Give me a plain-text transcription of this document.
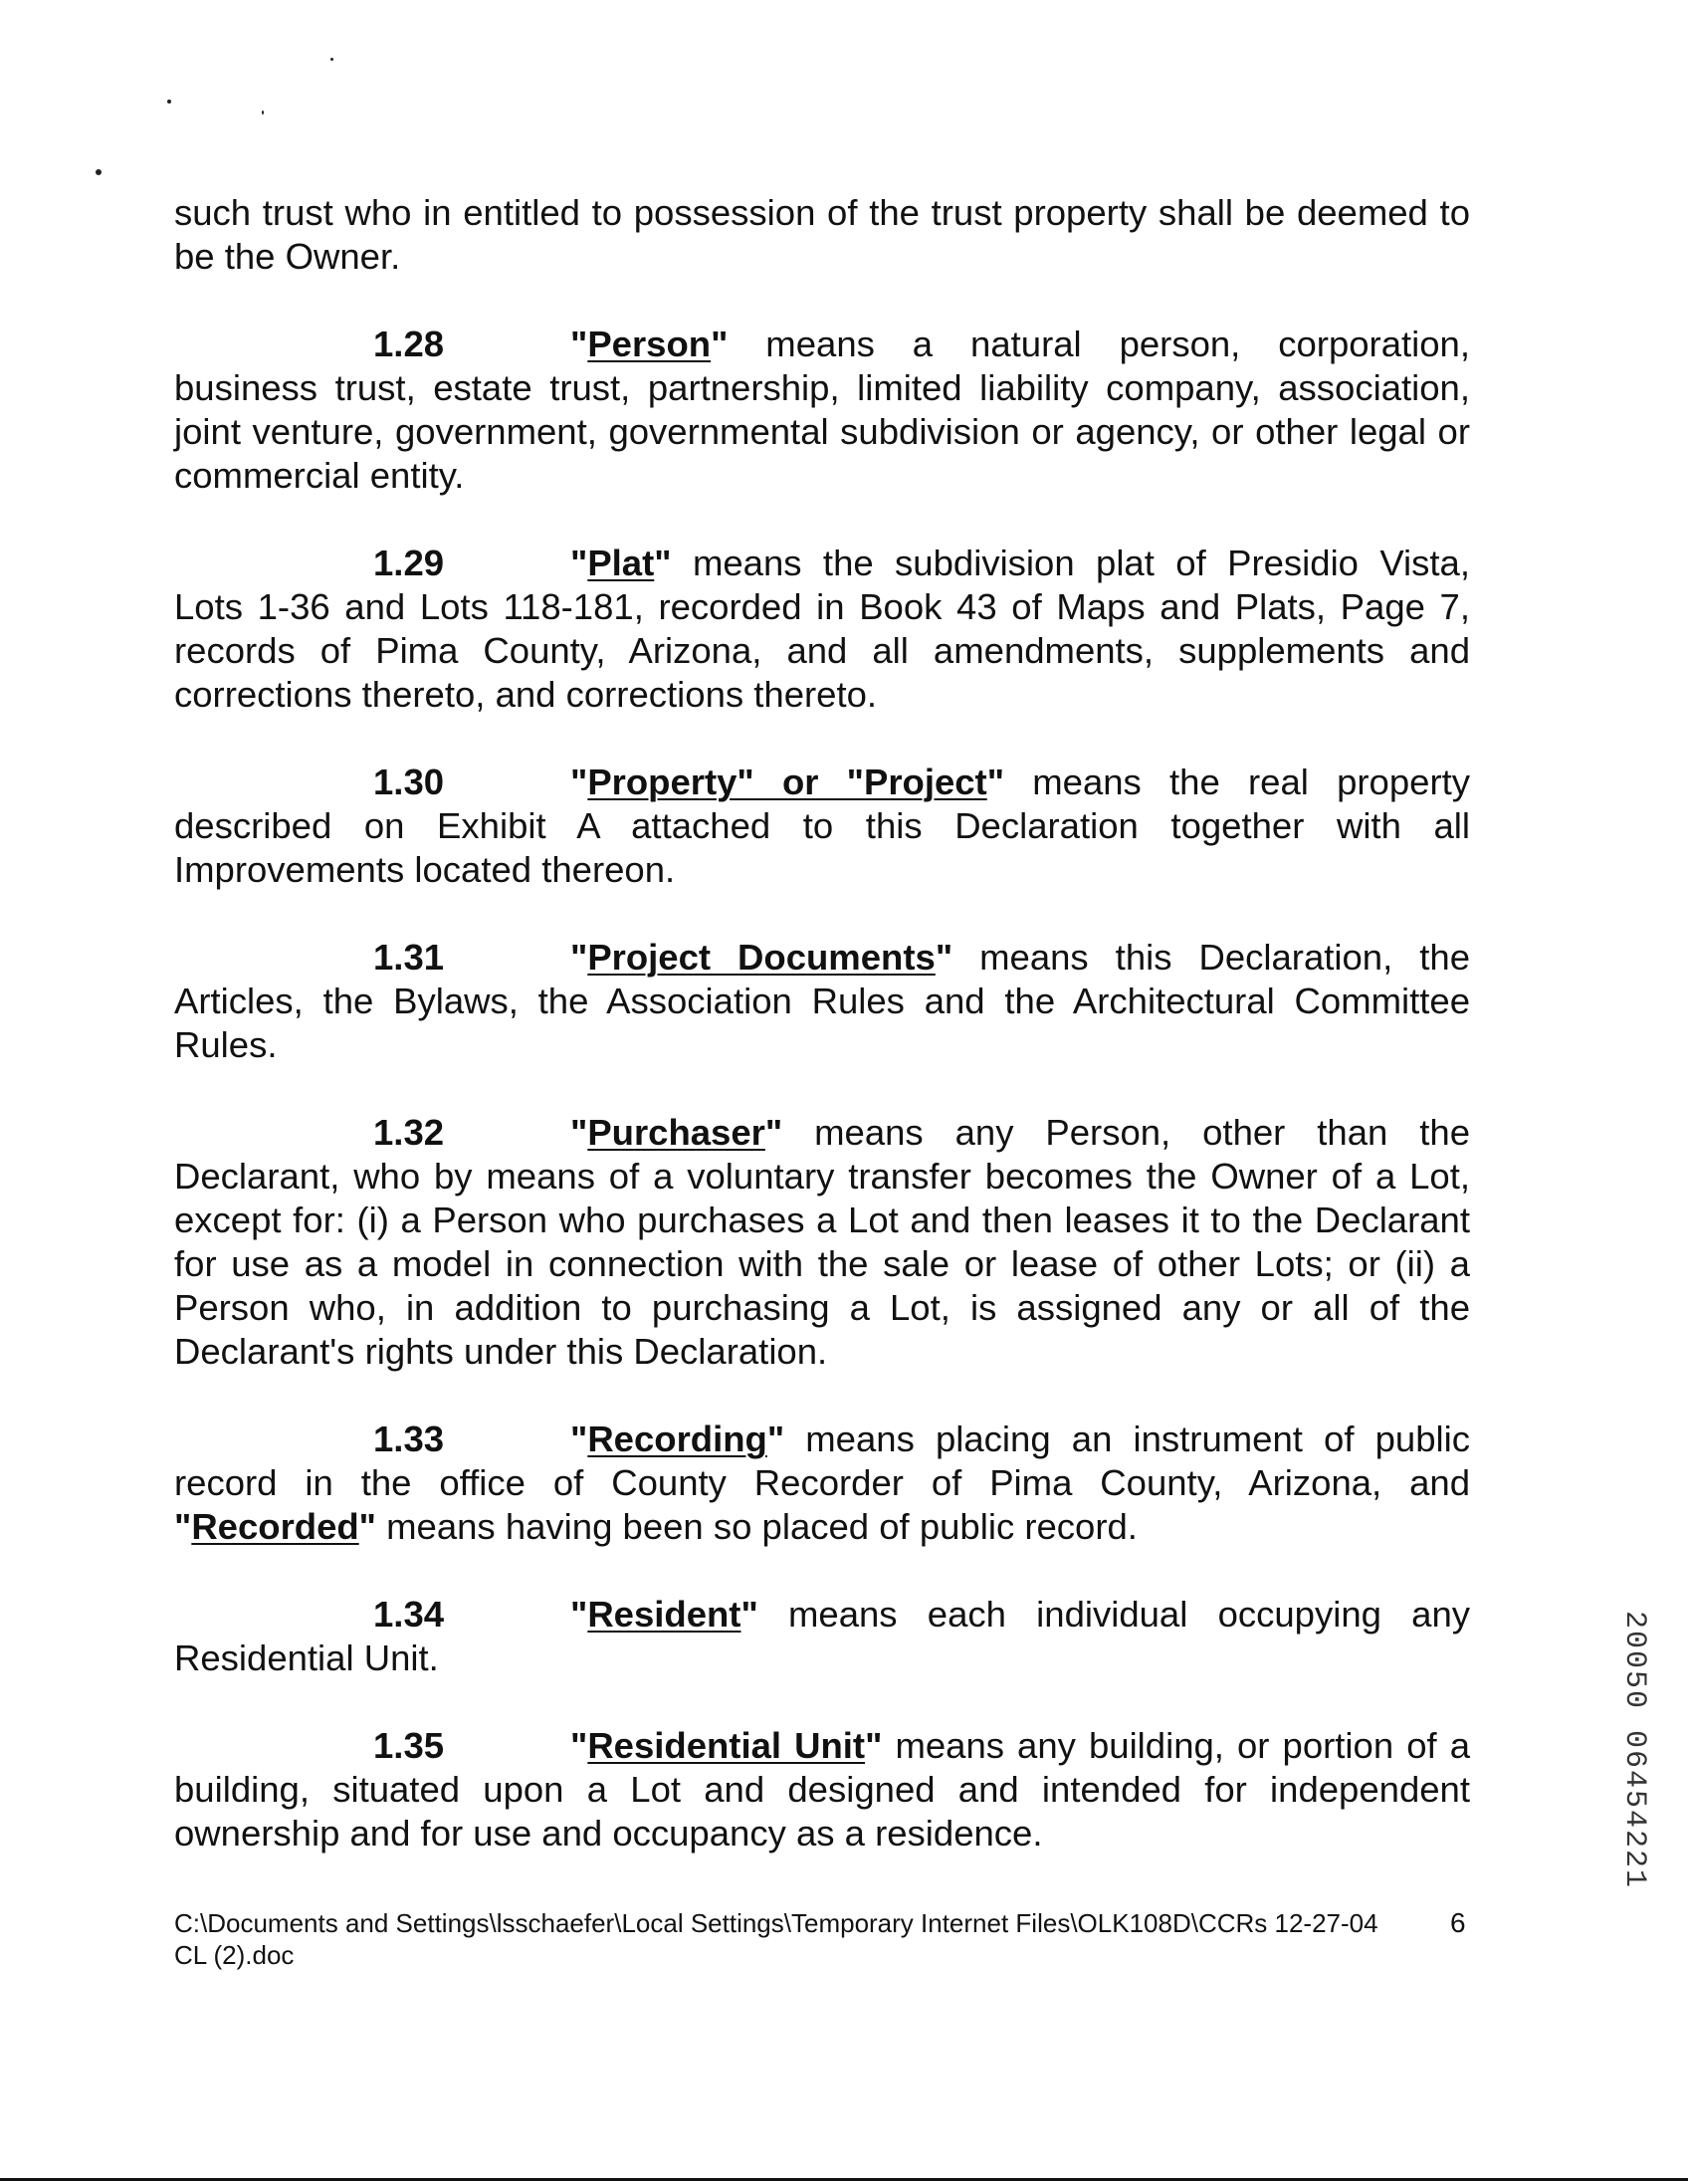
such trust who in entitled to possession of the trust property shall be deemed to be the Owner.
1.28	"Person" means a natural person, corporation, business trust, estate trust, partnership, limited liability company, association, joint venture, government, governmental subdivision or agency, or other legal or commercial entity.
1.29	"Plat" means the subdivision plat of Presidio Vista, Lots 1-36 and Lots 118-181, recorded in Book 43 of Maps and Plats, Page 7, records of Pima County, Arizona, and all amendments, supplements and corrections thereto, and corrections thereto.
1.30	"Property" or "Project" means the real property described on Exhibit A attached to this Declaration together with all Improvements located thereon.
1.31	"Project Documents" means this Declaration, the Articles, the Bylaws, the Association Rules and the Architectural Committee Rules.
1.32	"Purchaser" means any Person, other than the Declarant, who by means of a voluntary transfer becomes the Owner of a Lot, except for: (i) a Person who purchases a Lot and then leases it to the Declarant for use as a model in connection with the sale or lease of other Lots; or (ii) a Person who, in addition to purchasing a Lot, is assigned any or all of the Declarant's rights under this Declaration.
1.33	"Recording" means placing an instrument of public record in the office of County Recorder of Pima County, Arizona, and "Recorded" means having been so placed of public record.
1.34	"Resident" means each individual occupying any Residential Unit.
1.35	"Residential Unit" means any building, or portion of a building, situated upon a Lot and designed and intended for independent ownership and for use and occupancy as a residence.	20050 06454221
C:\Documents and Settings\lsschaefer\Local Settings\Temporary Internet Files\OLK108D\CCRs 12-27-04 CL (2).doc
6
